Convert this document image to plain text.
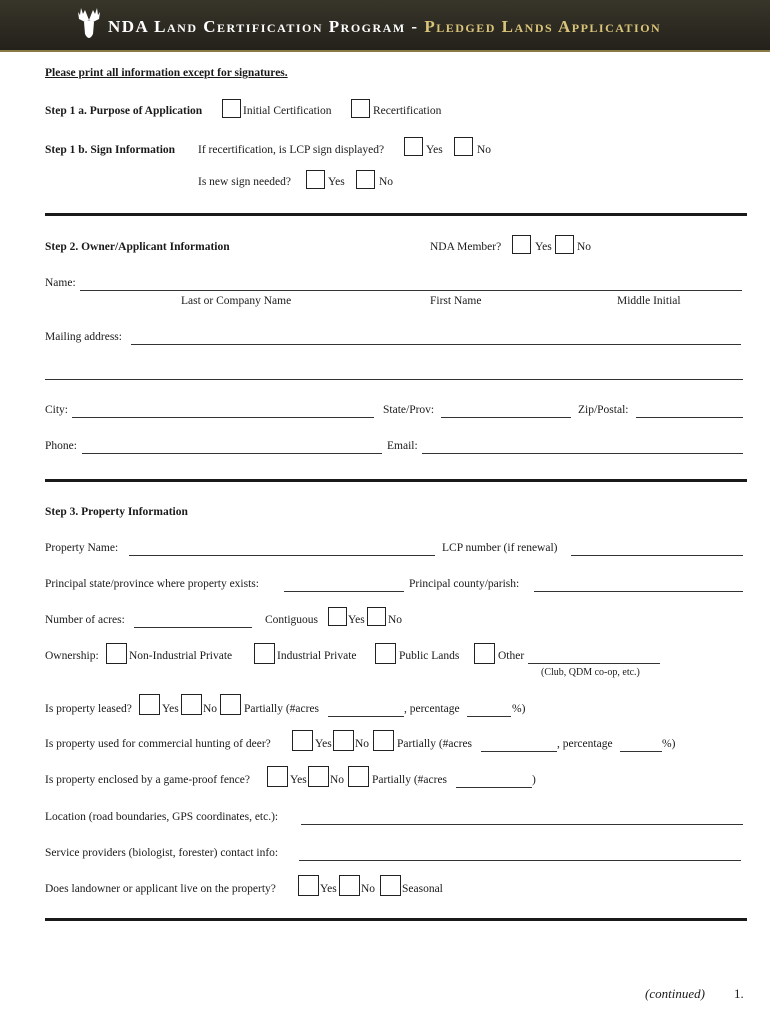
NDA Land Certification Program - Pledged Lands Application
Please print all information except for signatures.
Step 1 a. Purpose of Application	Initial Certification	Recertification
Step 1 b. Sign Information If recertification, is LCP sign displayed?	Yes	No
Is new sign needed?	Yes	No
Step 2. Owner/Applicant Information	NDA Member?	Yes No
Name:
Last or Company Name	First Name	Middle Initial
Mailing address:
City:	State/Prov:	Zip/Postal:
Phone:	Email:
Step 3. Property Information
Property Name:	LCP number (if renewal)
Principal state/province where property exists:	Principal county/parish:
Number of acres:	Contiguous	Yes No
Ownership:	Non-Industrial Private	Industrial Private	Public Lands	Other
(Club, QDM co-op, etc.)
Is property leased?	Yes No Partially (#acres	, percentage	%)
Is property used for commercial hunting of deer?	Yes No Partially (#acres	, percentage	%)
Is property enclosed by a game-proof fence?	Yes No Partially (#acres	)
Location (road boundaries, GPS coordinates, etc.):
Service providers (biologist, forester) contact info:
Does landowner or applicant live on the property?	Yes No Seasonal
(continued) 1.
